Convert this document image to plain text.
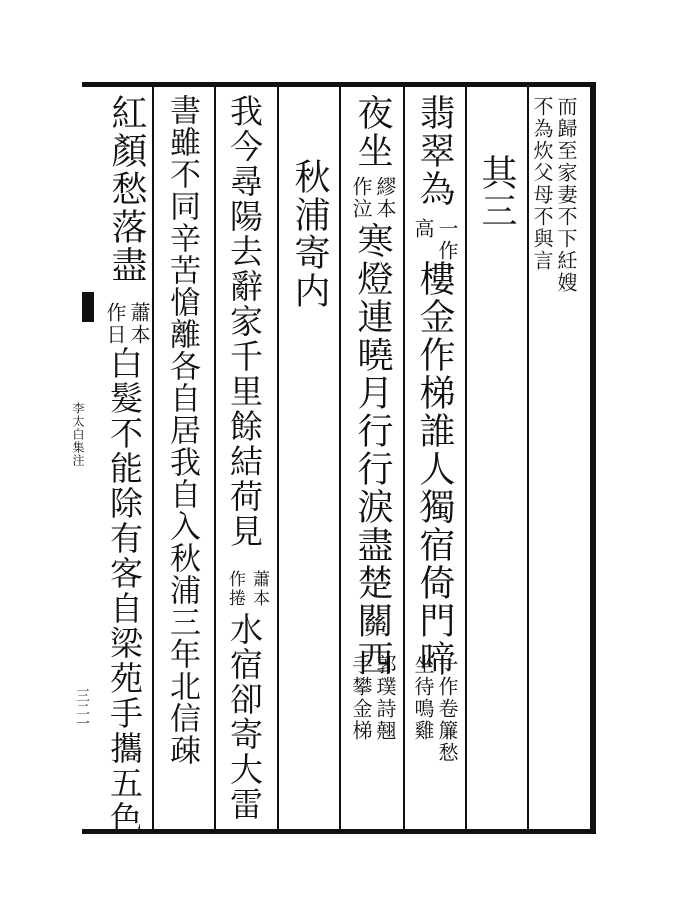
而歸至家妻不下紝嫂
不為炊父母不與言
其三
翡翠為
一作
高
樓金作梯誰人獨宿倚門啼
一作卷簾愁
坐待鳴雞
夜坐
繆本
作泣
寒燈連曉月行行淚盡楚關西
郭璞詩翹
手攀金梯
秋浦寄内
我今尋陽去辭家千里餘結荷見
蕭本
作捲
水宿卻寄大雷
書雖不同辛苦愴離各自居我自入秋浦三年北信疎
紅顏愁落盡
蕭本
作日
白髮不能除有客自梁苑手攜五色
李太白集注
三二一
